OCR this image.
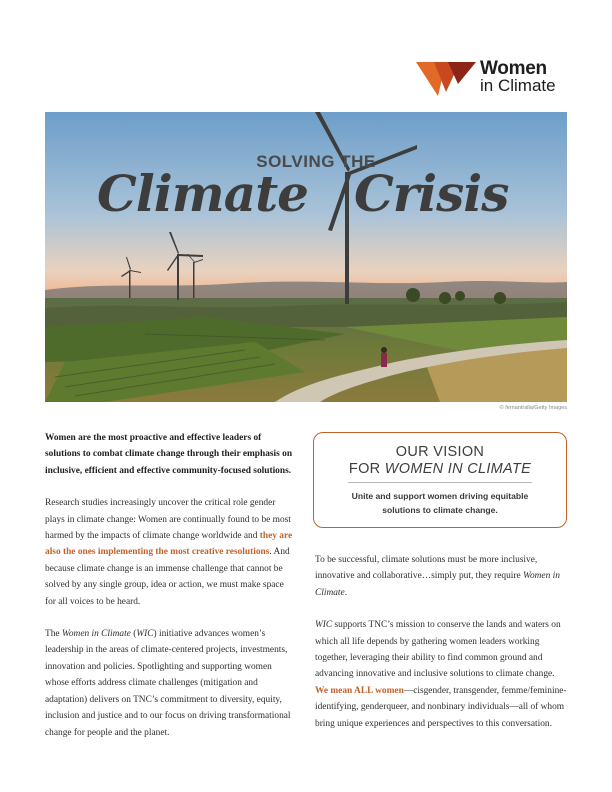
Women
in Climate
SOLVING THE
Climate Crisis
© fernantralla/Getty Images

Women are the most proactive and effective leaders of solutions to combat climate change through their emphasis on inclusive, efficient and effective community-focused solutions.

Research studies increasingly uncover the critical role gender plays in climate change: Women are continually found to be most harmed by the impacts of climate change worldwide and they are also the ones implementing the most creative resolutions. And because climate change is an immense challenge that cannot be solved by any single group, idea or action, we must make space for all voices to be heard.

The Women in Climate (WIC) initiative advances women’s leadership in the areas of climate-centered projects, investments, innovation and policies. Spotlighting and supporting women whose efforts address climate challenges (mitigation and adaptation) delivers on TNC’s commitment to diversity, equity, inclusion and justice and to our focus on driving transformational change for people and the planet.

OUR VISION
FOR WOMEN IN CLIMATE
Unite and support women driving equitable solutions to climate change.

To be successful, climate solutions must be more inclusive, innovative and collaborative…simply put, they require Women in Climate.

WIC supports TNC’s mission to conserve the lands and waters on which all life depends by gathering women leaders working together, leveraging their ability to find common ground and advancing innovative and inclusive solutions to climate change. We mean ALL women—cisgender, transgender, femme/feminine-identifying, genderqueer, and nonbinary individuals—all of whom bring unique experiences and perspectives to this conversation.
